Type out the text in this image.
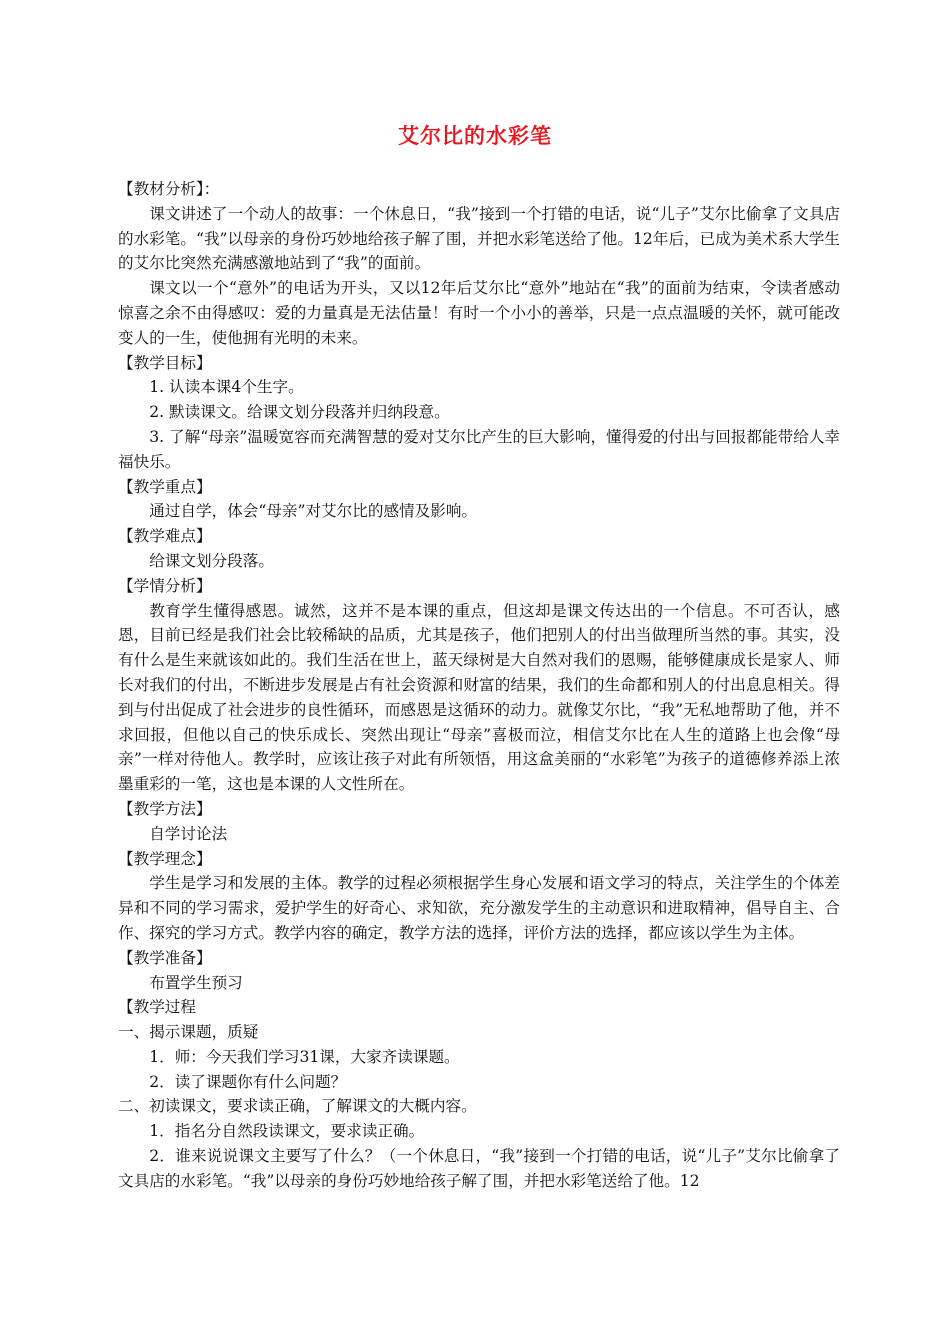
艾尔比的水彩笔

【教材分析】：

课文讲述了一个动人的故事：一个休息日，“我”接到一个打错的电话，说“儿子”艾尔比偷拿了文具店的水彩笔。“我”以母亲的身份巧妙地给孩子解了围，并把水彩笔送给了他。12年后，已成为美术系大学生的艾尔比突然充满感激地站到了“我”的面前。

课文以一个“意外”的电话为开头，又以12年后艾尔比“意外”地站在“我”的面前为结束，令读者感动惊喜之余不由得感叹：爱的力量真是无法估量！有时一个小小的善举，只是一点点温暖的关怀，就可能改变人的一生，使他拥有光明的未来。

【教学目标】

1. 认读本课4个生字。

2. 默读课文。给课文划分段落并归纳段意。

3. 了解“母亲”温暖宽容而充满智慧的爱对艾尔比产生的巨大影响，懂得爱的付出与回报都能带给人幸福快乐。

【教学重点】

通过自学，体会“母亲”对艾尔比的感情及影响。

【教学难点】

给课文划分段落。

【学情分析】

教育学生懂得感恩。诚然，这并不是本课的重点，但这却是课文传达出的一个信息。不可否认，感恩，目前已经是我们社会比较稀缺的品质，尤其是孩子，他们把别人的付出当做理所当然的事。其实，没有什么是生来就该如此的。我们生活在世上，蓝天绿树是大自然对我们的恩赐，能够健康成长是家人、师长对我们的付出，不断进步发展是占有社会资源和财富的结果，我们的生命都和别人的付出息息相关。得到与付出促成了社会进步的良性循环，而感恩是这循环的动力。就像艾尔比，“我”无私地帮助了他，并不求回报，但他以自己的快乐成长、突然出现让“母亲”喜极而泣，相信艾尔比在人生的道路上也会像“母亲”一样对待他人。教学时，应该让孩子对此有所领悟，用这盒美丽的“水彩笔”为孩子的道德修养添上浓墨重彩的一笔，这也是本课的人文性所在。

【教学方法】

自学讨论法

【教学理念】

学生是学习和发展的主体。教学的过程必须根据学生身心发展和语文学习的特点，关注学生的个体差异和不同的学习需求，爱护学生的好奇心、求知欲，充分激发学生的主动意识和进取精神，倡导自主、合作、探究的学习方式。教学内容的确定，教学方法的选择，评价方法的选择，都应该以学生为主体。

【教学准备】

布置学生预习

【教学过程

一、揭示课题，质疑

1．师：今天我们学习31课，大家齐读课题。

2．读了课题你有什么问题？

二、初读课文，要求读正确，了解课文的大概内容。

1．指名分自然段读课文，要求读正确。

2．谁来说说课文主要写了什么？（一个休息日，“我”接到一个打错的电话，说“儿子”艾尔比偷拿了文具店的水彩笔。“我”以母亲的身份巧妙地给孩子解了围，并把水彩笔送给了他。12
